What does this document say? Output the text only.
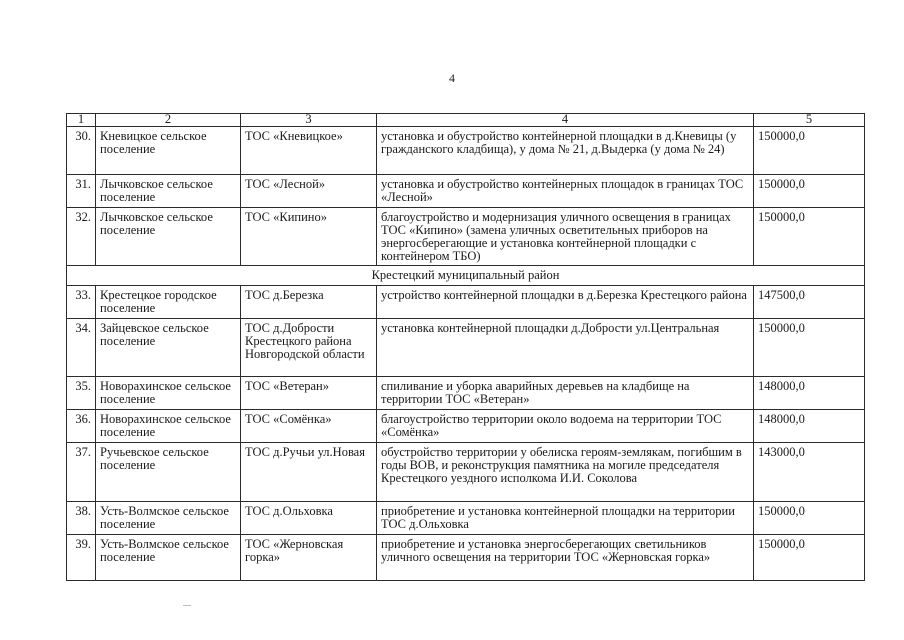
4
1	2	3	4	5
30.	Кневицкое сельское поселение	ТОС «Кневицкое»	установка и обустройство контейнерной площадки в д.Кневицы (у гражданского кладбища), у дома № 21, д.Выдерка (у дома № 24)	150000,0
31.	Лычковское сельское поселение	ТОС «Лесной»	установка и обустройство контейнерных площадок в границах ТОС «Лесной»	150000,0
32.	Лычковское сельское поселение	ТОС «Кипино»	благоустройство и модернизация уличного освещения в границах ТОС «Кипино» (замена уличных осветительных приборов на энергосберегающие и установка контейнерной площадки с контейнером ТБО)	150000,0
Крестецкий муниципальный район				
33.	Крестецкое городское поселение	ТОС д.Березка	устройство контейнерной площадки в д.Березка Крестецкого района	147500,0
34.	Зайцевское сельское поселение	ТОС д.Добрости Крестецкого района Новгородской области	установка контейнерной площадки д.Добрости ул.Центральная	150000,0
35.	Новорахинское сельское поселение	ТОС «Ветеран»	спиливание и уборка аварийных деревьев на кладбище на территории ТОС «Ветеран»	148000,0
36.	Новорахинское сельское поселение	ТОС «Сомёнка»	благоустройство территории около водоема на территории ТОС «Сомёнка»	148000,0
37.	Ручьевское сельское поселение	ТОС д.Ручьи ул.Новая	обустройство территории у обелиска героям-землякам, погибшим в годы ВОВ, и реконструкция памятника на могиле председателя Крестецкого уездного исполкома И.И. Соколова	143000,0
38.	Усть-Волмское сельское поселение	ТОС д.Ольховка	приобретение и установка контейнерной площадки на территории ТОС д.Ольховка	150000,0
39.	Усть-Волмское сельское поселение	ТОС «Жерновская горка»	приобретение и установка энергосберегающих светильников уличного освещения на территории ТОС «Жерновская горка»	150000,0
